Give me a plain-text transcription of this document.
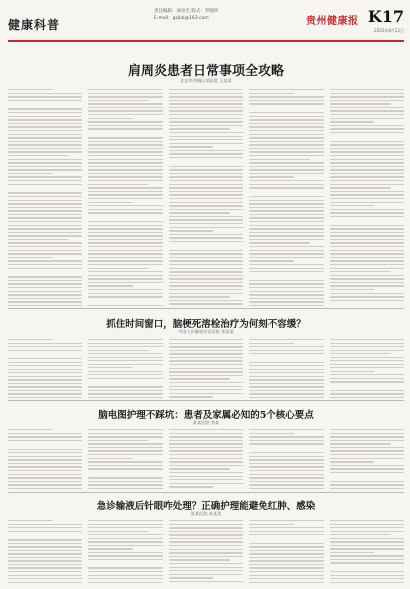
健康科普
责任编辑：刘卓宏 版式：罗晓珂
E-mail：gzjkb@163.com	贵州健康报 K17
2025年8月22日
肩周炎患者日常事项全攻略
北京市西城区某医院 王某某
抓住时间窗口，脑梗死溶栓治疗为何刻不容缓？
中国人民解放军某医院 胡某某
脑电图护理不踩坑：患者及家属必知的5个核心要点
某某医院 李某
急诊输液后针眼咋处理？正确护理能避免红肿、感染
某某医院 张某某
